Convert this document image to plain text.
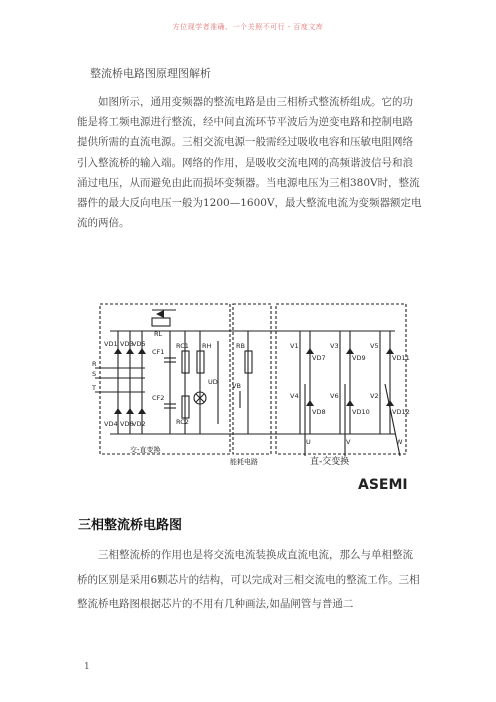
方位现学者准确、一个关照不可行 - 百度文库
整流桥电路图原理图解析

如图所示，通用变频器的整流电路是由三相桥式整流桥组成。它的功能是将工频电源进行整流，经中间直流环节平波后为逆变电路和控制电路提供所需的直流电源。三相交流电源一般需经过吸收电容和压敏电阻网络引入整流桥的输入端。网络的作用，是吸收交流电网的高频谐波信号和浪涌过电压，从而避免由此而损坏变频器。当电源电压为三相380V时，整流器件的最大反向电压一般为1200—1600V，最大整流电流为变频器额定电流的两倍。

RL
R
S
T
VD1 VD3
VD5
VD4 VD6
VD2
CF1
CF2
RC1
RC2
RH
UD
RB
VB
V1	V3	V5
VD7	VD9	VD11
V4	V6	V2
VD8	VD10	VD12
U	V	W
交-直变换
能耗电路	直-交变换
ASEMI
三相整流桥电路图

三相整流桥的作用也是将交流电流装换成直流电流，那么与单相整流桥的区别是采用6颗芯片的结构，可以完成对三相交流电的整流工作。三相整流桥电路图根据芯片的不用有几种画法,如晶闸管与普通二

1
